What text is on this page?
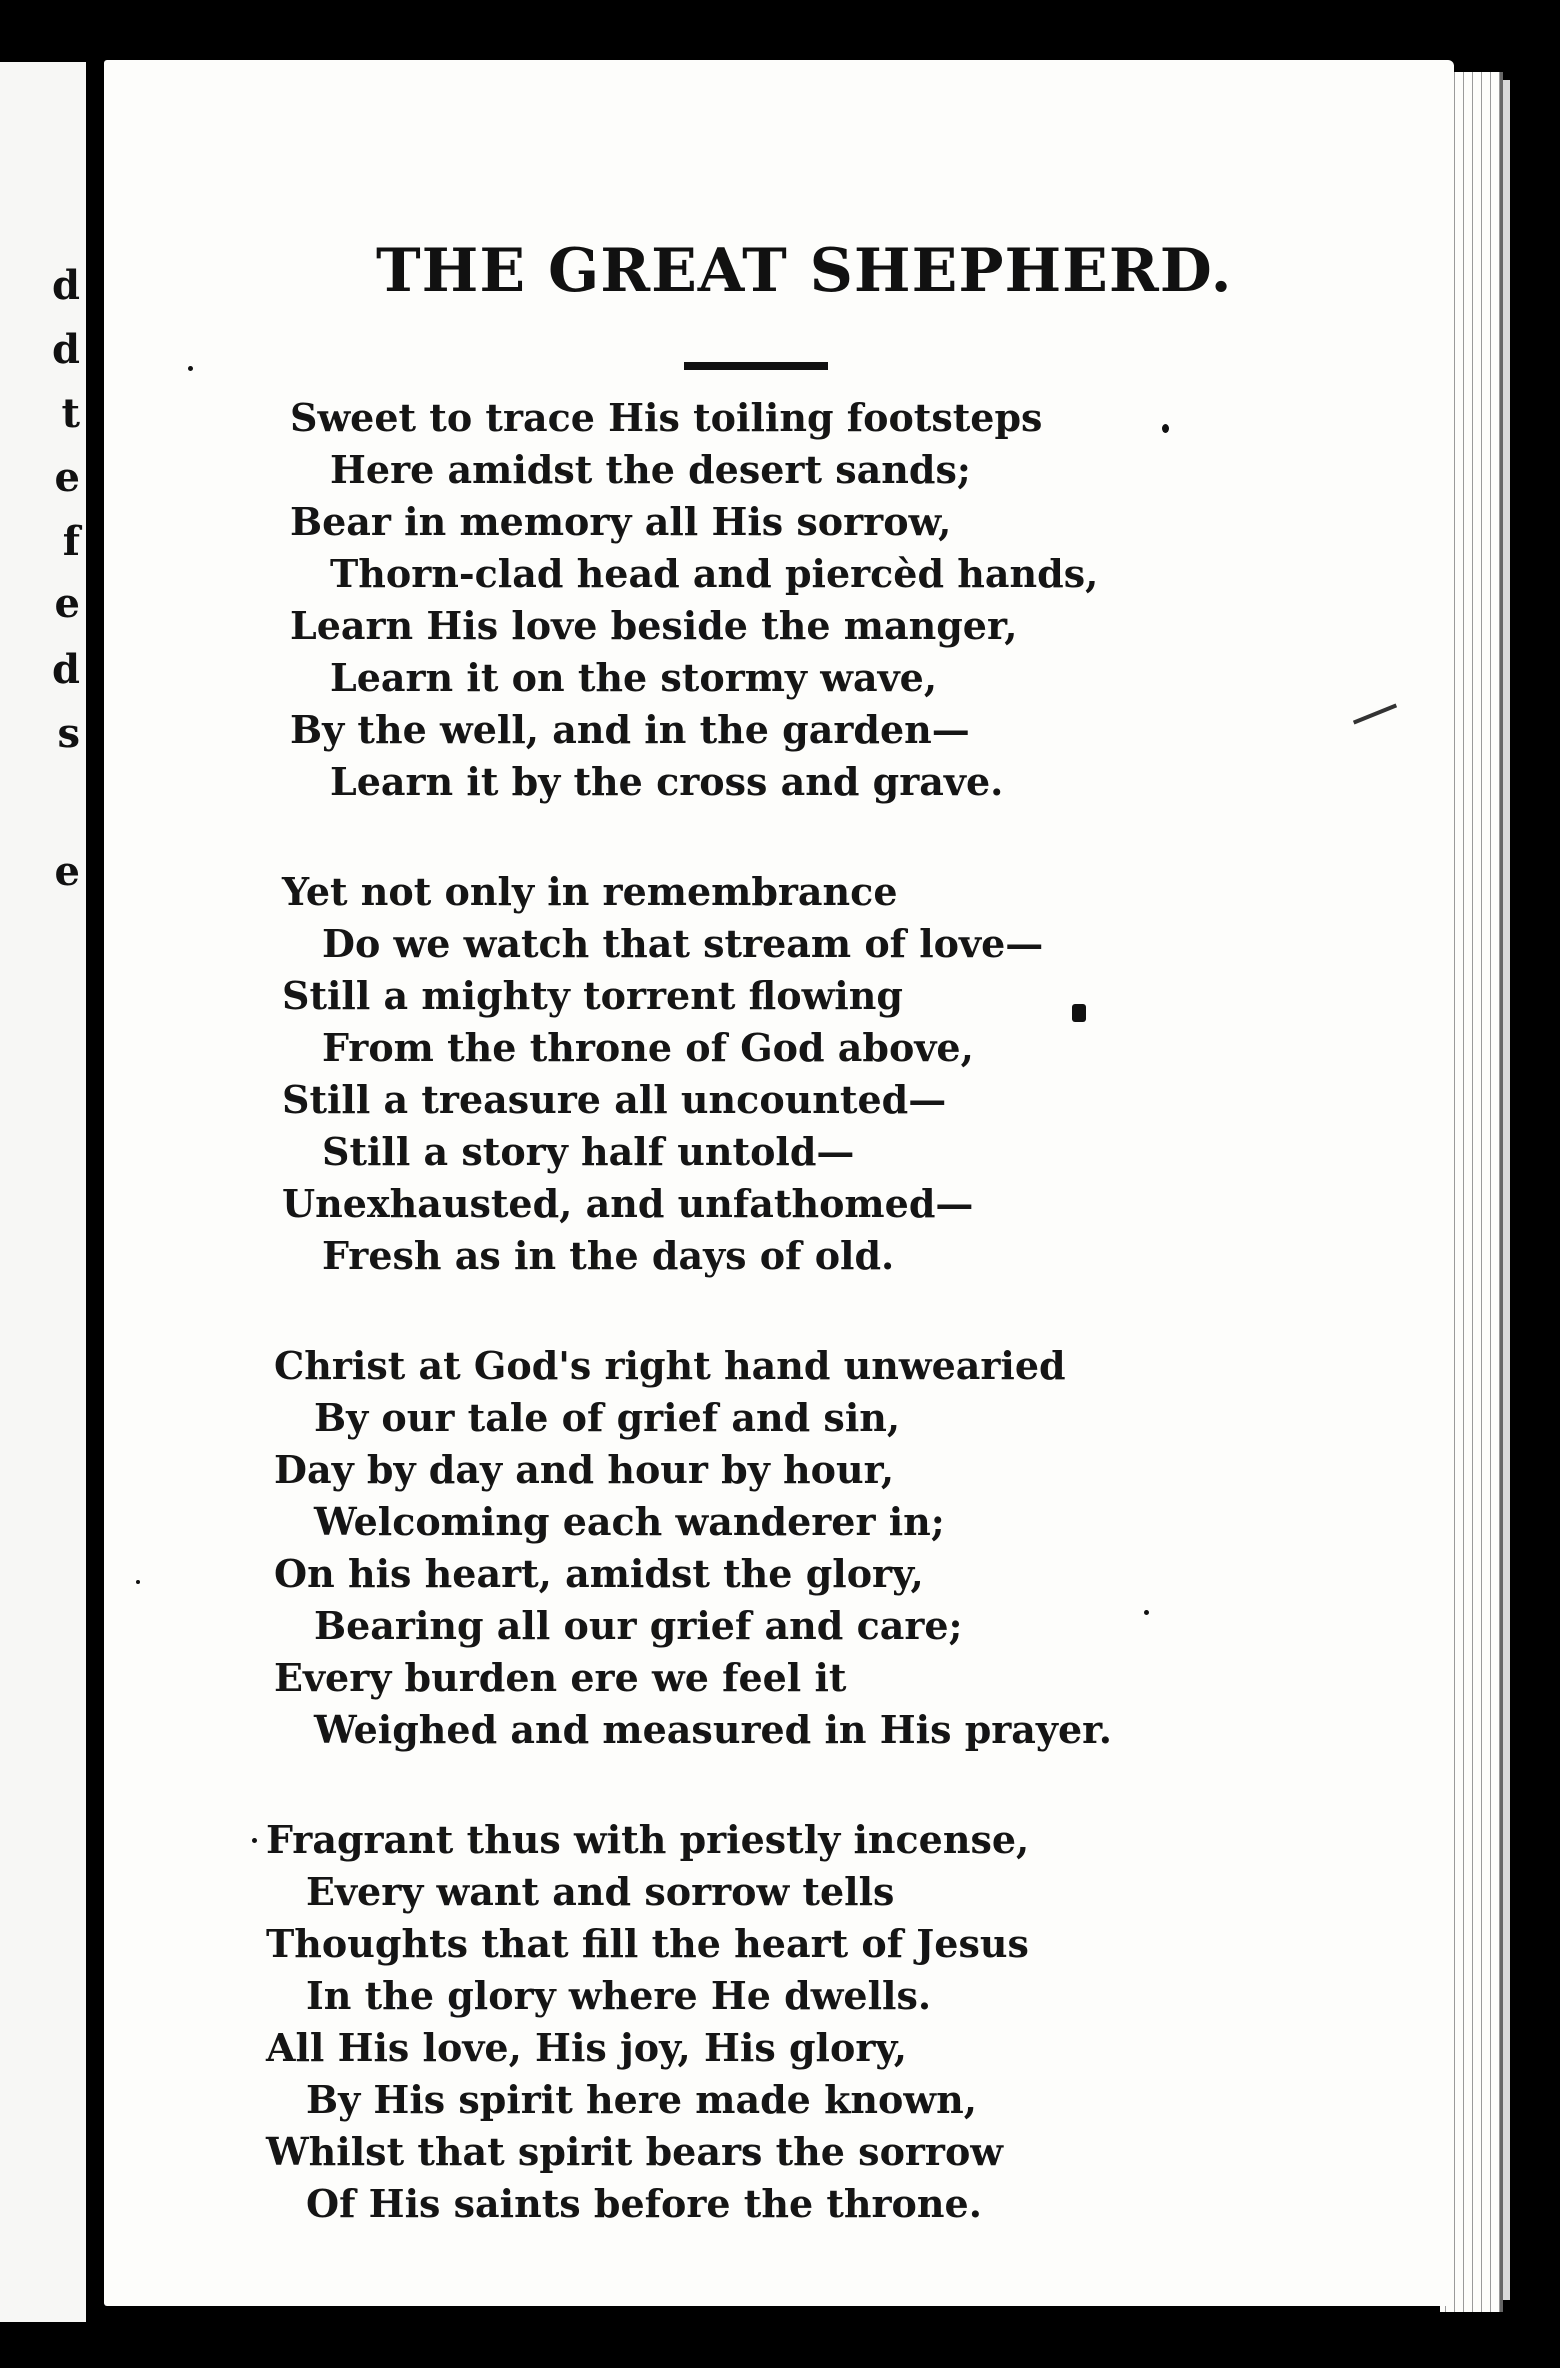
d
d
t
e
f
e
d
s
e
THE GREAT SHEPHERD.
Sweet to trace His toiling footsteps
Here amidst the desert sands;
Bear in memory all His sorrow,
Thorn-clad head and piercèd hands,
Learn His love beside the manger,
Learn it on the stormy wave,
By the well, and in the garden—
Learn it by the cross and grave.
Yet not only in remembrance
Do we watch that stream of love—
Still a mighty torrent flowing
From the throne of God above,
Still a treasure all uncounted—
Still a story half untold—
Unexhausted, and unfathomed—
Fresh as in the days of old.
Christ at God's right hand unwearied
By our tale of grief and sin,
Day by day and hour by hour,
Welcoming each wanderer in;
On his heart, amidst the glory,
Bearing all our grief and care;
Every burden ere we feel it
Weighed and measured in His prayer.
Fragrant thus with priestly incense,
Every want and sorrow tells
Thoughts that fill the heart of Jesus
In the glory where He dwells.
All His love, His joy, His glory,
By His spirit here made known,
Whilst that spirit bears the sorrow
Of His saints before the throne.
